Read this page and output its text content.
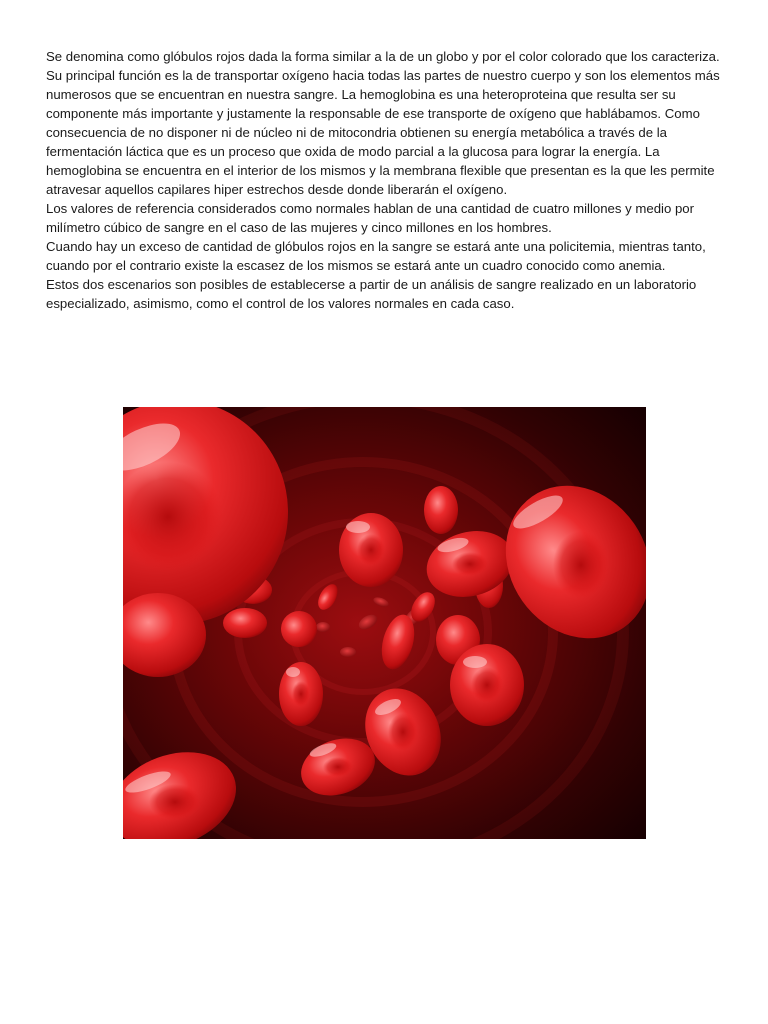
Se denomina como glóbulos rojos dada la forma similar a la de un globo y por el color colorado que los caracteriza.

Su principal función es la de transportar oxígeno hacia todas las partes de nuestro cuerpo y son los elementos más numerosos que se encuentran en nuestra sangre. La hemoglobina es una heteroproteina que resulta ser su componente más importante y justamente la responsable de ese transporte de oxígeno que hablábamos. Como consecuencia de no disponer ni de núcleo ni de mitocondria obtienen su energía metabólica a través de la fermentación láctica que es un proceso que oxida de modo parcial a la glucosa para lograr la energía. La hemoglobina se encuentra en el interior de los mismos y la membrana flexible que presentan es la que les permite atravesar aquellos capilares hiper estrechos desde donde liberarán el oxígeno.

Los valores de referencia considerados como normales hablan de una cantidad de cuatro millones y medio por milímetro cúbico de sangre en el caso de las mujeres y cinco millones en los hombres.

Cuando hay un exceso de cantidad de glóbulos rojos en la sangre se estará ante una policitemia, mientras tanto, cuando por el contrario existe la escasez de los mismos se estará ante un cuadro conocido como anemia.

Estos dos escenarios son posibles de establecerse a partir de un análisis de sangre realizado en un laboratorio especializado, asimismo, como el control de los valores normales en cada caso.
